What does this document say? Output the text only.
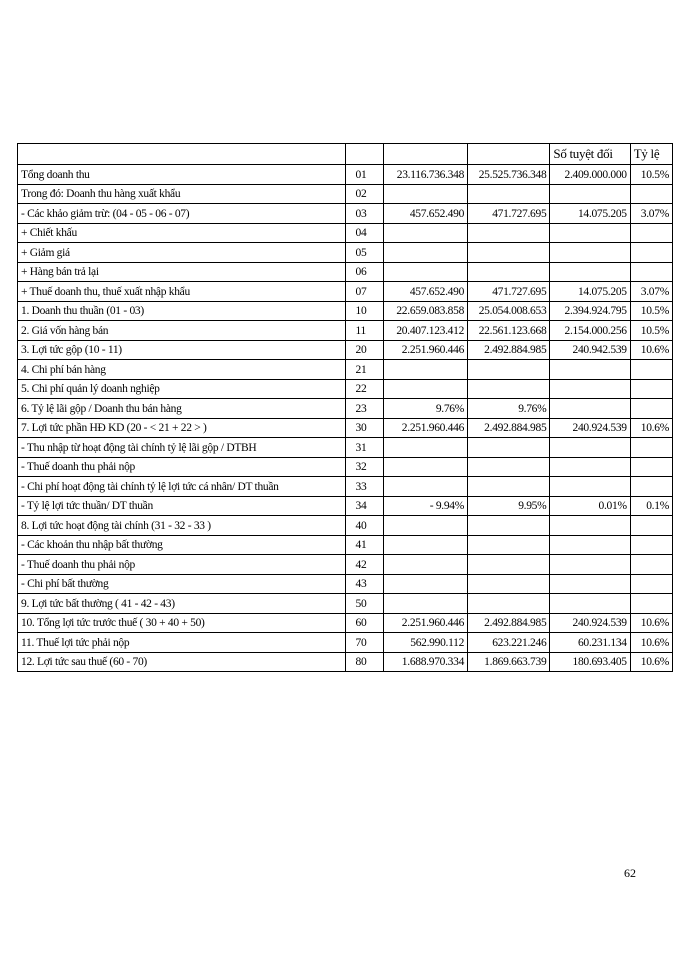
				Số tuyệt đối	Tỷ lệ
Tổng doanh thu	01	23.116.736.348	25.525.736.348	2.409.000.000	10.5%
Trong đó: Doanh thu hàng xuất khẩu	02				
- Các khảo giảm trừ: (04 - 05 - 06 - 07)	03	457.652.490	471.727.695	14.075.205	3.07%
+ Chiết khấu	04				
+ Giảm giá	05				
+ Hàng bán trả lại	06				
+ Thuế doanh thu, thuế xuất nhập khẩu	07	457.652.490	471.727.695	14.075.205	3.07%
1. Doanh thu thuần (01 - 03)	10	22.659.083.858	25.054.008.653	2.394.924.795	10.5%
2. Giá vốn hàng bán	11	20.407.123.412	22.561.123.668	2.154.000.256	10.5%
3. Lợi tức gộp (10 - 11)	20	2.251.960.446	2.492.884.985	240.942.539	10.6%
4. Chi phí bán hàng	21				
5. Chi phí quản lý doanh nghiệp	22				
6. Tỷ lệ lãi gộp / Doanh thu bán hàng	23	9.76%	9.76%		
7. Lợi tức phần HĐ KD (20 - < 21 + 22 > )	30	2.251.960.446	2.492.884.985	240.924.539	10.6%
- Thu nhập từ hoạt động tài chính tỷ lệ lãi gộp / DTBH	31				
- Thuế doanh thu phải nộp	32				
- Chi phí hoạt động tài chính tỷ lệ lợi tức cá nhân/ DT thuần	33				
- Tỷ lệ lợi tức thuần/ DT thuần	34	- 9.94%	9.95%	0.01%	0.1%
8. Lợi tức hoạt động tài chính (31 - 32 - 33 )	40				
- Các khoản thu nhập bất thường	41				
- Thuế doanh thu phải nộp	42				
- Chi phí bất thường	43				
9. Lợi tức bất thường ( 41 - 42 - 43)	50				
10. Tổng lợi tức trước thuế ( 30 + 40 + 50)	60	2.251.960.446	2.492.884.985	240.924.539	10.6%
11. Thuế lợi tức phải nộp	70	562.990.112	623.221.246	60.231.134	10.6%
12. Lợi tức sau thuế (60 - 70)	80	1.688.970.334	1.869.663.739	180.693.405	10.6%
62
